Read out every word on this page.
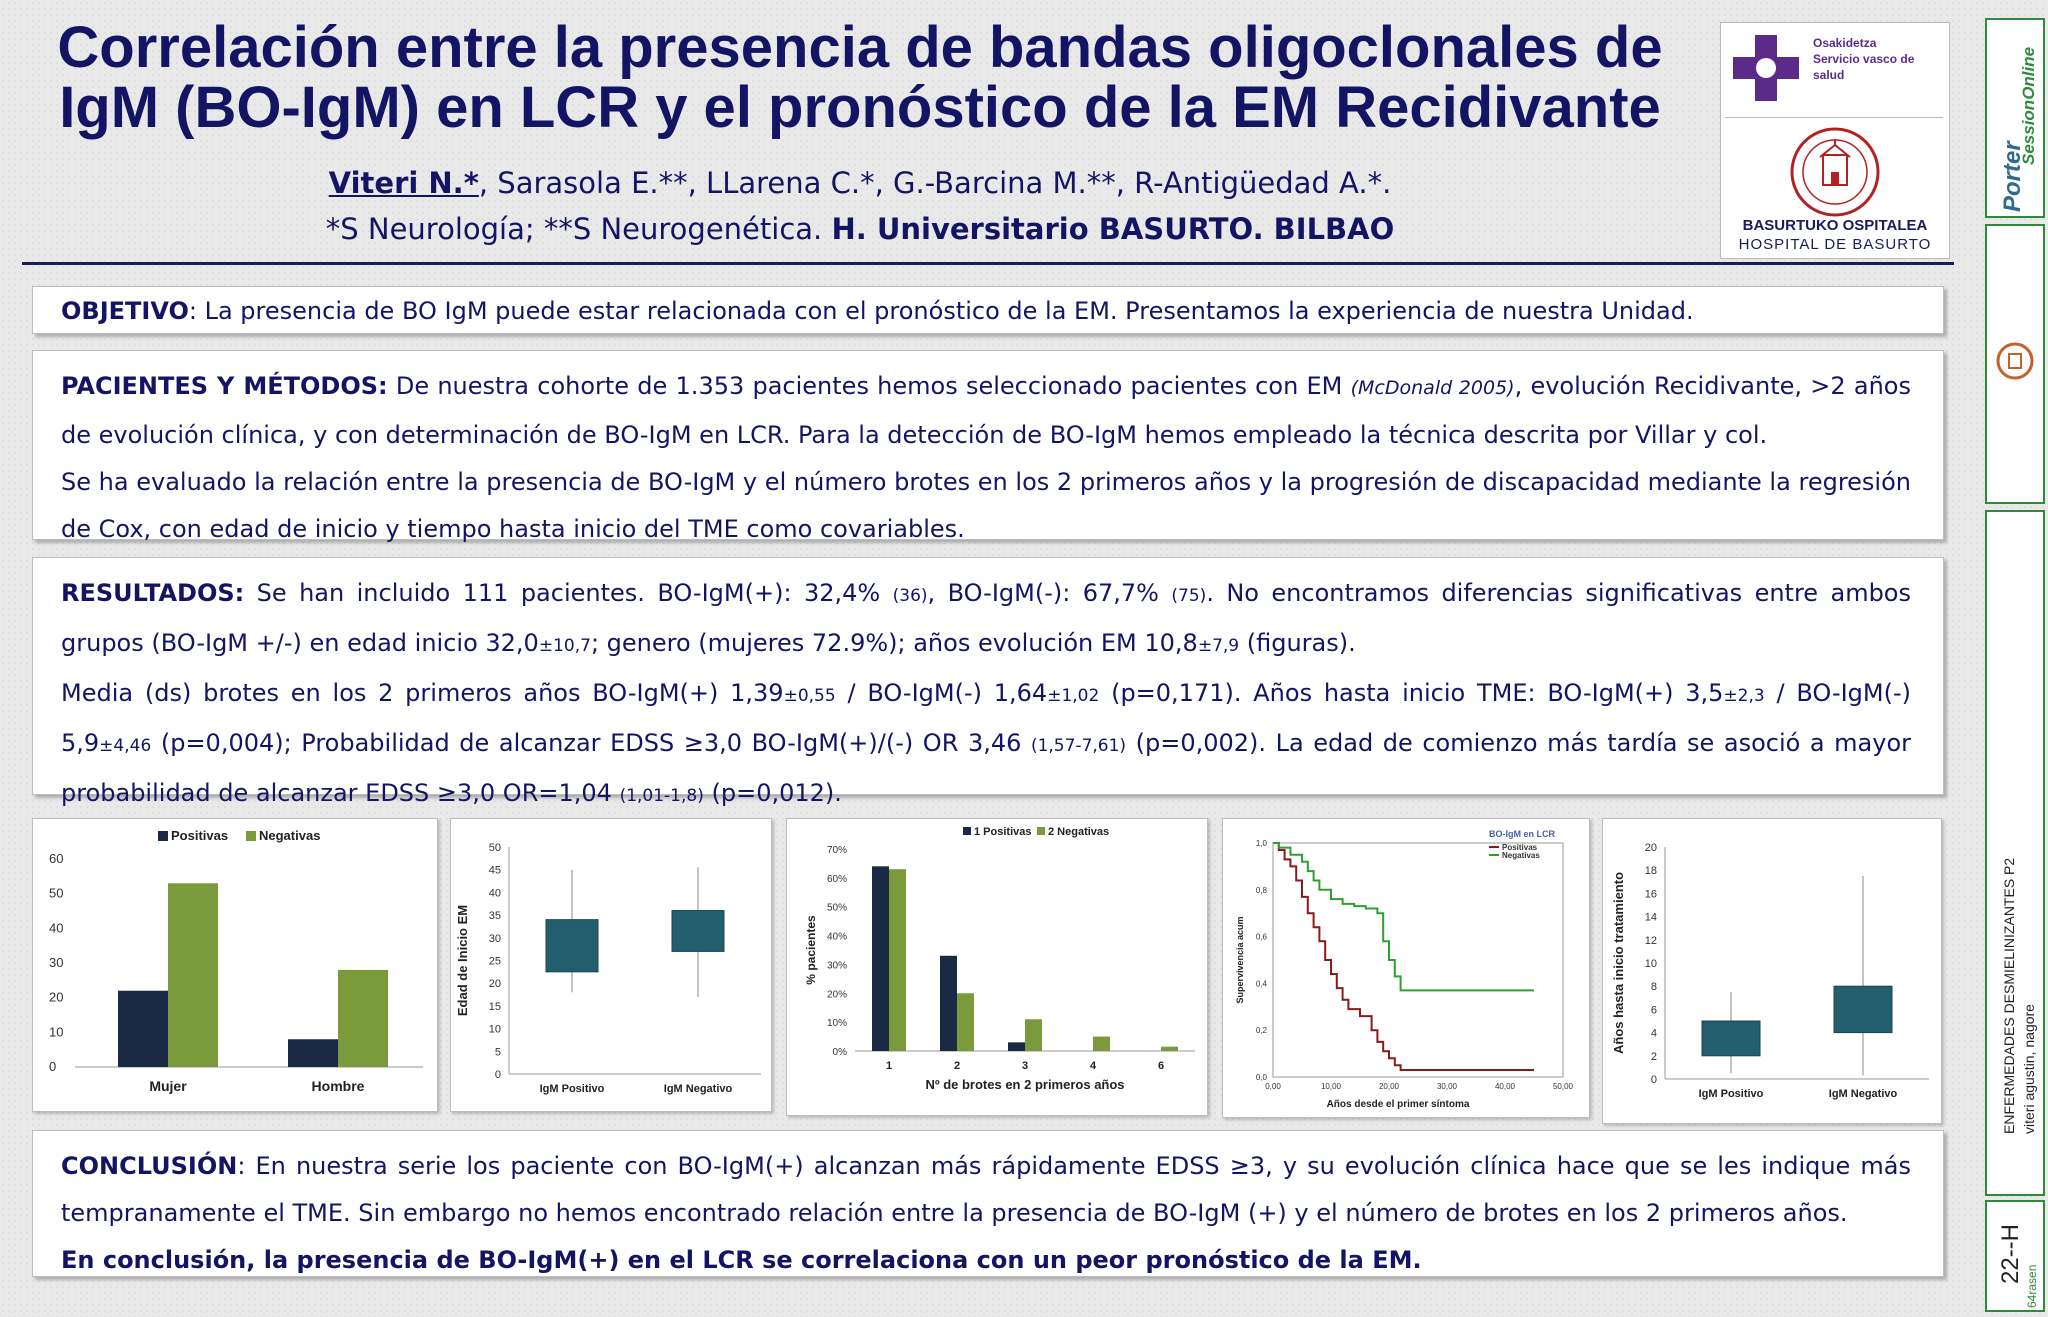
Correlación entre la presencia de bandas oligoclonales de
IgM (BO-IgM) en LCR y el pronóstico de la EM Recidivante
Viteri N.*, Sarasola E.**, LLarena C.*, G.-Barcina M.**, R-Antigüedad A.*.
*S Neurología; **S Neurogenética. H. Universitario BASURTO. BILBAO
Osakidetza
Servicio vasco de salud
BASURTUKO OSPITALEA
HOSPITAL DE BASURTO
OBJETIVO: La presencia de BO IgM puede estar relacionada con el pronóstico de la EM. Presentamos la experiencia de nuestra Unidad.
PACIENTES Y MÉTODOS: De nuestra cohorte de 1.353 pacientes hemos seleccionado pacientes con EM (McDonald 2005), evolución Recidivante, >2 años de evolución clínica, y con determinación de BO-IgM en LCR. Para la detección de BO-IgM hemos empleado la técnica descrita por Villar y col.
Se ha evaluado la relación entre la presencia de BO-IgM y el número brotes en los 2 primeros años y la progresión de discapacidad mediante la regresión de Cox, con edad de inicio y tiempo hasta inicio del TME como covariables.
RESULTADOS: Se han incluido 111 pacientes. BO-IgM(+): 32,4% (36), BO-IgM(-): 67,7% (75). No encontramos diferencias significativas entre ambos grupos (BO-IgM +/-) en edad inicio 32,0±10,7; genero (mujeres 72.9%); años evolución EM 10,8±7,9 (figuras).
Media (ds) brotes en los 2 primeros años BO-IgM(+) 1,39±0,55 / BO-IgM(-) 1,64±1,02 (p=0,171). Años hasta inicio TME: BO-IgM(+) 3,5±2,3 / BO-IgM(-) 5,9±4,46 (p=0,004); Probabilidad de alcanzar EDSS ≥3,0 BO-IgM(+)/(-) OR 3,46 (1,57-7,61) (p=0,002). La edad de comienzo más tardía se asoció a mayor probabilidad de alcanzar EDSS ≥3,0 OR=1,04 (1,01-1,8) (p=0,012).
0
10
20
30
40
50
60
Mujer	Hombre
Positivas Negativas
0
5
10
15
20
25
30
35
40
45
50
IgM Positivo	IgM Negativo
Edad de Inicio EM
0%
10%
20%
30%
40%
50%
60%
70%
1	2	3	4	6
Nº de brotes en 2 primeros años
% pacientes
1 Positivas 2 Negativas
0,0
0,2
0,4
0,6
0,8
1,0
0,00	10,00	20,00	30,00	40,00	50,00
BO-IgM en LCR
Positivas
Negativas
Años desde el primer síntoma
Supervivencia acum
0
2
4
6
8
10
12
14
16
18
20
IgM Positivo	IgM Negativo
Años hasta inicio tratamiento
CONCLUSIÓN: En nuestra serie los paciente con BO-IgM(+) alcanzan más rápidamente EDSS ≥3, y su evolución clínica hace que se les indique más tempranamente el TME. Sin embargo no hemos encontrado relación entre la presencia de BO-IgM (+) y el número de brotes en los 2 primeros años.
En conclusión, la presencia de BO-IgM(+) en el LCR se correlaciona con un peor pronóstico de la EM.
Porter
SessionOnline
ENFERMEDADES DESMIELINIZANTES P2 viteri agustin, nagore
22--H
64rasen
